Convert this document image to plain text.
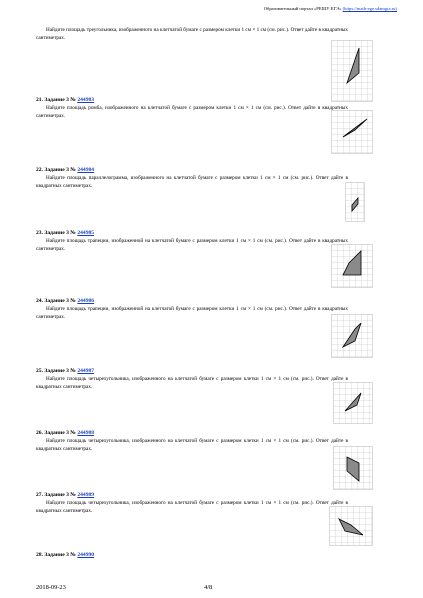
Образовательный портал «РЕШУ ЕГЭ» (https://math-ege.sdamgia.ru)

Найдите площадь треугольника, изображенного на клетчатой бумаге с размером клетки 1 см × 1 см (см. рис.). Ответ дайте в квадратных сантиметрах.

21. Задание 3 № 244983

Найдите площадь ромба, изображенного на клетчатой бумаге с размером клетки 1 см × 1 см (см. рис.). Ответ дайте в квадратных сантиметрах.

22. Задание 3 № 244984

Найдите площадь параллелограмма, изображенного на клетчатой бумаге с размером клетки 1 см × 1 см (см. рис.). Ответ дайте в квадратных сантиметрах.

23. Задание 3 № 244985

Найдите площадь трапеции, изображенной на клетчатой бумаге с размером клетки 1 см × 1 см (см. рис.). Ответ дайте в квадратных сантиметрах.

24. Задание 3 № 244986

Найдите площадь трапеции, изображенной на клетчатой бумаге с размером клетки 1 см × 1 см (см. рис.). Ответ дайте в квадратных сантиметрах.

25. Задание 3 № 244987

Найдите площадь четырехугольника, изображенного на клетчатой бумаге с размером клетки 1 см × 1 см (см. рис.). Ответ дайте в квадратных сантиметрах.

26. Задание 3 № 244988

Найдите площадь четырехугольника, изображенного на клетчатой бумаге с размером клетки 1 см × 1 см (см. рис.). Ответ дайте в квадратных сантиметрах.

27. Задание 3 № 244989

Найдите площадь четырехугольника, изображенного на клетчатой бумаге с размером клетки 1 см × 1 см (см. рис.). Ответ дайте в квадратных сантиметрах.

28. Задание 3 № 244990

2018-09-23	4/8
